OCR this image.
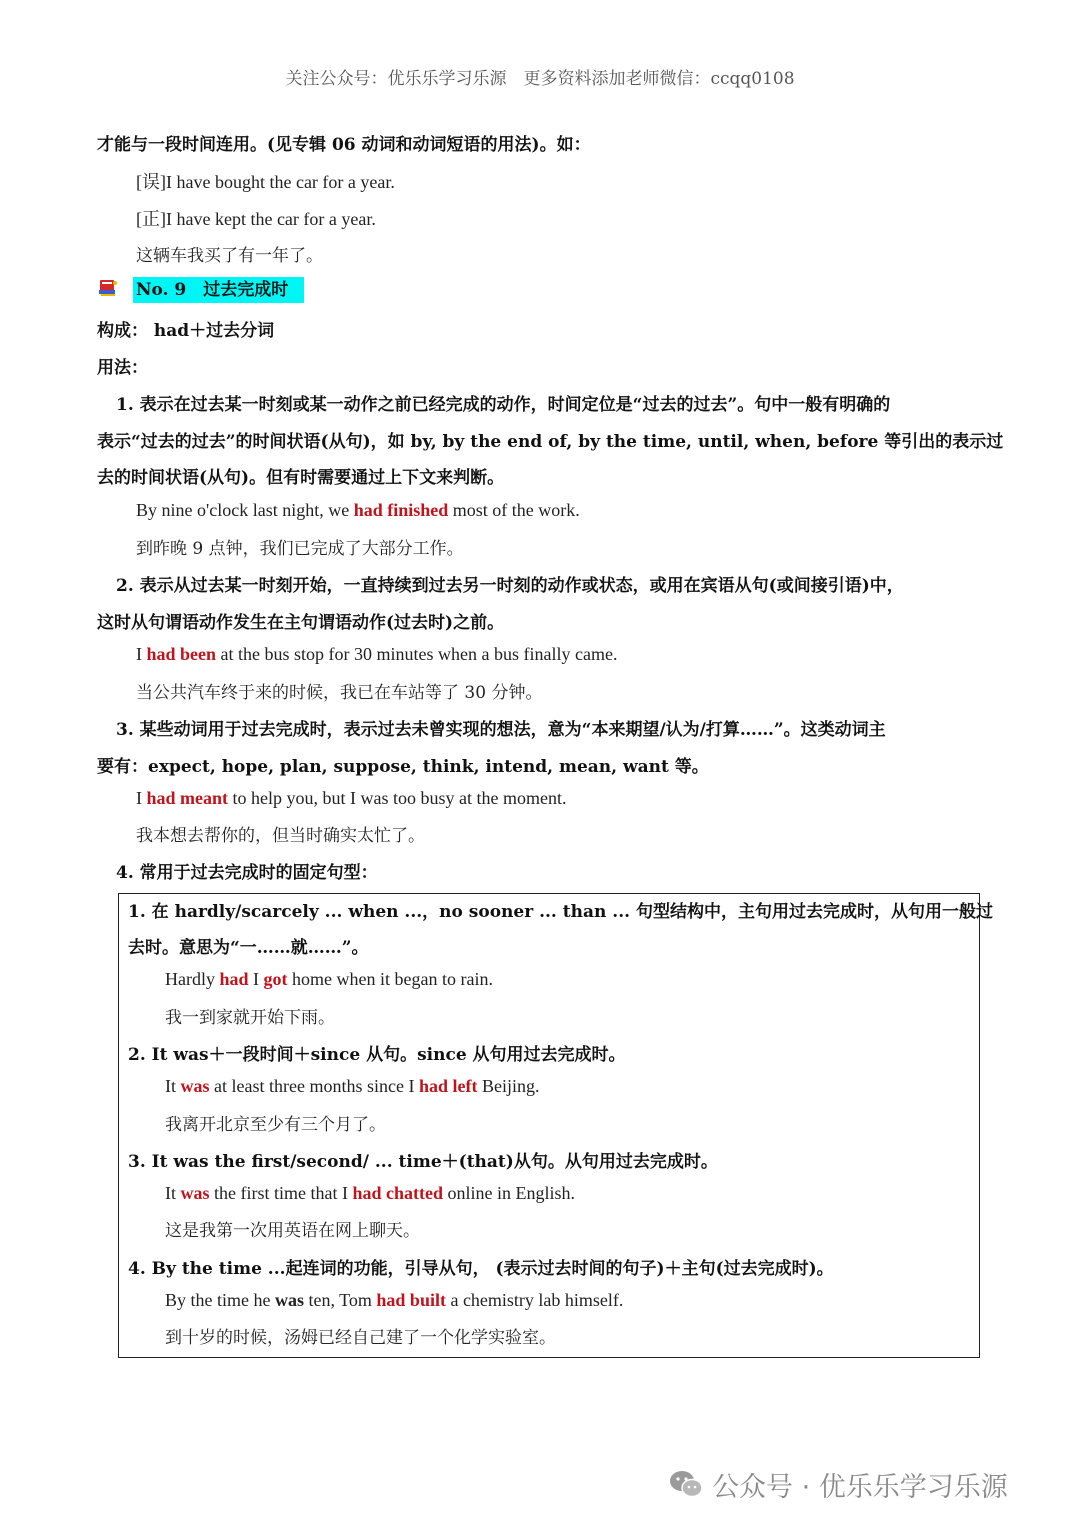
关注公众号：优乐乐学习乐源　更多资料添加老师微信：ccqq0108
才能与一段时间连用。(见专辑 06 动词和动词短语的用法)。如：
[误]I have bought the car for a year.
[正]I have kept the car for a year.
这辆车我买了有一年了。
No. 9　过去完成时
构成： had＋过去分词
用法：
1. 表示在过去某一时刻或某一动作之前已经完成的动作，时间定位是“过去的过去”。句中一般有明确的
表示“过去的过去”的时间状语(从句)，如 by, by the end of, by the time, until, when, before 等引出的表示过
去的时间状语(从句)。但有时需要通过上下文来判断。
By nine o'clock last night, we had finished most of the work.
到昨晚 9 点钟，我们已完成了大部分工作。
2. 表示从过去某一时刻开始，一直持续到过去另一时刻的动作或状态，或用在宾语从句(或间接引语)中，
这时从句谓语动作发生在主句谓语动作(过去时)之前。
I had been at the bus stop for 30 minutes when a bus finally came.
当公共汽车终于来的时候，我已在车站等了 30 分钟。
3. 某些动词用于过去完成时，表示过去未曾实现的想法，意为“本来期望/认为/打算……”。这类动词主
要有：expect, hope, plan, suppose, think, intend, mean, want 等。
I had meant to help you, but I was too busy at the moment.
我本想去帮你的，但当时确实太忙了。
4. 常用于过去完成时的固定句型：
1. 在 hardly/scarcely ... when ...，no sooner ... than ... 句型结构中，主句用过去完成时，从句用一般过
去时。意思为“一……就……”。
Hardly had I got home when it began to rain.
我一到家就开始下雨。
2. It was＋一段时间＋since 从句。since 从句用过去完成时。
It was at least three months since I had left Beijing.
我离开北京至少有三个月了。
3. It was the first/second/ ... time＋(that)从句。从句用过去完成时。
It was the first time that I had chatted online in English.
这是我第一次用英语在网上聊天。
4. By the time ...起连词的功能，引导从句， (表示过去时间的句子)＋主句(过去完成时)。
By the time he was ten, Tom had built a chemistry lab himself.
到十岁的时候，汤姆已经自己建了一个化学实验室。
公众号 · 优乐乐学习乐源
